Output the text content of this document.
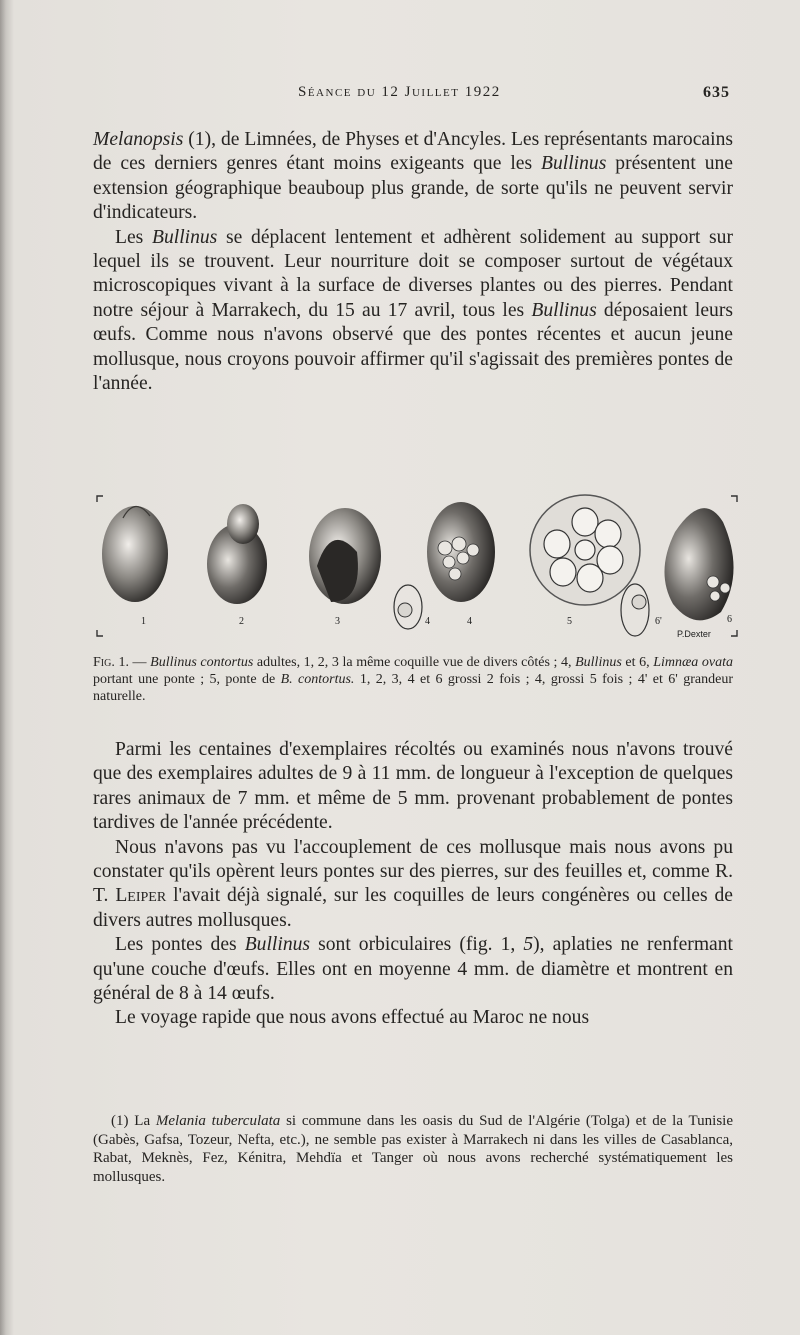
Séance du 12 Juillet 1922	635

Melanopsis (1), de Limnées, de Physes et d'Ancyles. Les représentants marocains de ces derniers genres étant moins exigeants que les Bullinus présentent une extension géographique beauboup plus grande, de sorte qu'ils ne peuvent servir d'indicateurs.

Les Bullinus se déplacent lentement et adhèrent solidement au support sur lequel ils se trouvent. Leur nourriture doit se composer surtout de végétaux microscopiques vivant à la surface de diverses plantes ou des pierres. Pendant notre séjour à Marrakech, du 15 au 17 avril, tous les Bullinus déposaient leurs œufs. Comme nous n'avons observé que des pontes récentes et aucun jeune mollusque, nous croyons pouvoir affirmer qu'il s'agissait des premières pontes de l'année.

1	2	3	4	4	5	6'	6
P.Dexter
Fig. 1. — Bullinus contortus adultes, 1, 2, 3 la même coquille vue de divers côtés ; 4, Bullinus et 6, Limnæa ovata portant une ponte ; 5, ponte de B. contortus. 1, 2, 3, 4 et 6 grossi 2 fois ; 4, grossi 5 fois ; 4' et 6' grandeur naturelle.

Parmi les centaines d'exemplaires récoltés ou examinés nous n'avons trouvé que des exemplaires adultes de 9 à 11 mm. de longueur à l'exception de quelques rares animaux de 7 mm. et même de 5 mm. provenant probablement de pontes tardives de l'année précédente.

Nous n'avons pas vu l'accouplement de ces mollusque mais nous avons pu constater qu'ils opèrent leurs pontes sur des pierres, sur des feuilles et, comme R. T. Leiper l'avait déjà signalé, sur les coquilles de leurs congénères ou celles de divers autres mollusques.

Les pontes des Bullinus sont orbiculaires (fig. 1, 5), aplaties ne renfermant qu'une couche d'œufs. Elles ont en moyenne 4 mm. de diamètre et montrent en général de 8 à 14 œufs.

Le voyage rapide que nous avons effectué au Maroc ne nous

(1) La Melania tuberculata si commune dans les oasis du Sud de l'Algérie (Tolga) et de la Tunisie (Gabès, Gafsa, Tozeur, Nefta, etc.), ne semble pas exister à Marrakech ni dans les villes de Casablanca, Rabat, Meknès, Fez, Kénitra, Mehdïa et Tanger où nous avons recherché systématiquement les mollusques.
